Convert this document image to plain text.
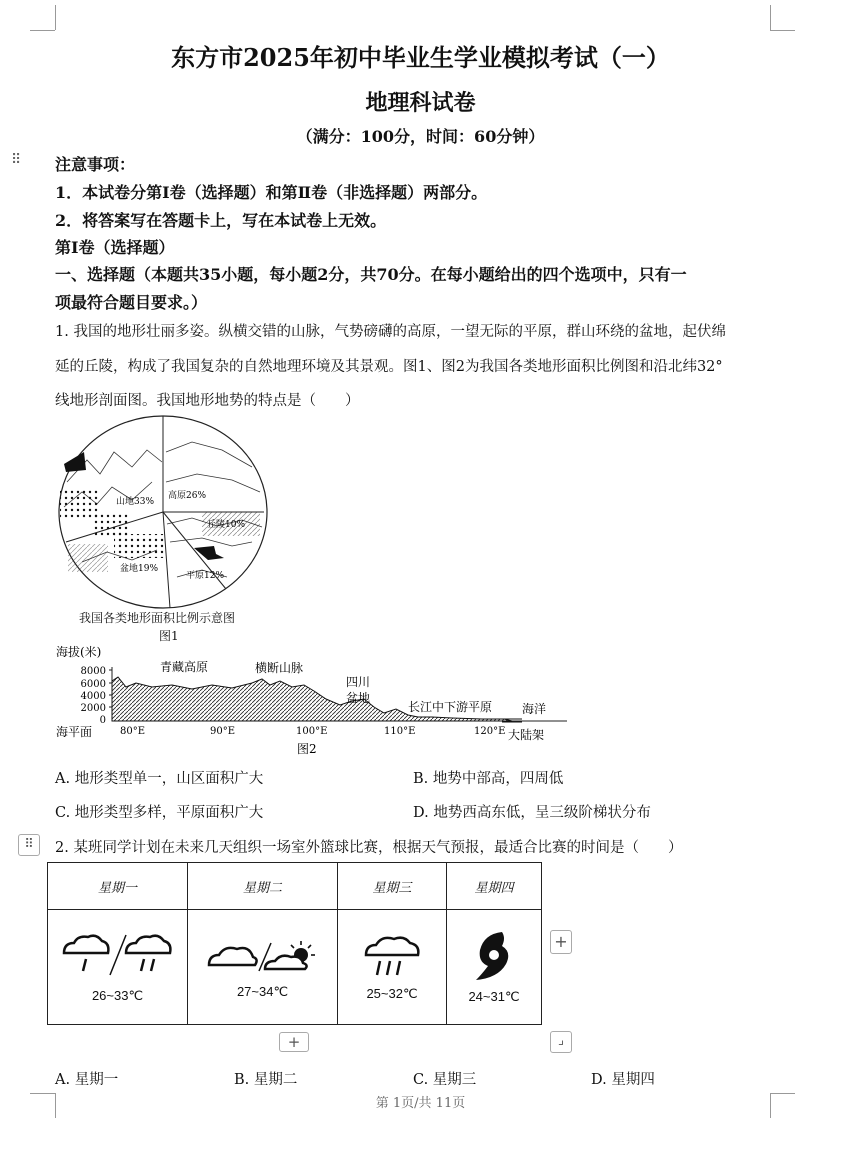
东方市2025年初中毕业生学业模拟考试（一）
地理科试卷
（满分：100分，时间：60分钟）
⠿ 注意事项：
1．本试卷分第Ⅰ卷（选择题）和第Ⅱ卷（非选择题）两部分。
2．将答案写在答题卡上，写在本试卷上无效。
第Ⅰ卷（选择题）
一、选择题（本题共35小题，每小题2分，共70分。在每小题给出的四个选项中，只有一
项最符合题目要求。）
1. 我国的地形壮丽多姿。纵横交错的山脉，气势磅礴的高原，一望无际的平原，群山环绕的盆地，起伏绵
延的丘陵，构成了我国复杂的自然地理环境及其景观。图1、图2为我国各类地形面积比例图和沿北纬32°
线地形剖面图。我国地形地势的特点是（　　）
山地33%
高原26%
丘陵10%
盆地19%
平原12%
我国各类地形面积比例示意图
图1
海拔(米)
8000
6000
4000
2000
0
青藏高原	横断山脉
四川
盆地
长江中下游平原 海洋
大陆架
海平面	80°E	90°E	100°E	110°E	120°E
图2
A. 地形类型单一，山区面积广大	B. 地势中部高，四周低
C. 地形类型多样，平原面积广大	D. 地势西高东低，呈三级阶梯状分布
⠿	2. 某班同学计划在未来几天组织一场室外篮球比赛，根据天气预报，最适合比赛的时间是（　　）
星期一	星期二	星期三	星期四

26~33℃	27~34℃	25~32℃	24~31℃
+
+	⌟
A. 星期一	B. 星期二	C. 星期三	D. 星期四
第 1页/共 11页
